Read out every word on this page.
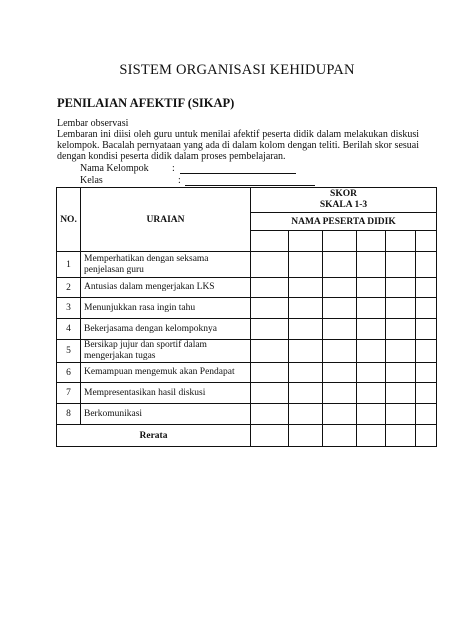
SISTEM ORGANISASI KEHIDUPAN
PENILAIAN AFEKTIF (SIKAP)
Lembar observasi
Lembaran ini diisi oleh guru untuk menilai afektif peserta didik dalam melakukan diskusi kelompok. Bacalah pernyataan yang ada di dalam kolom dengan teliti. Berilah skor sesuai dengan kondisi peserta didik dalam proses pembelajaran.
Nama Kelompok :
Kelas	:
NO.	URAIAN	SKOR
SKALA 1-3					

		NAMA PESERTA DIDIK					

1	Memperhatikan dengan seksama penjelasan guru						
2	Antusias dalam mengerjakan LKS						
3	Menunjukkan rasa ingin tahu						
4	Bekerjasama dengan kelompoknya						
5	Bersikap jujur dan sportif dalam mengerjakan tugas						
6	Kemampuan mengemuk akan Pendapat						
7	Mempresentasikan hasil diskusi						
8	Berkomunikasi						
Rerata							
